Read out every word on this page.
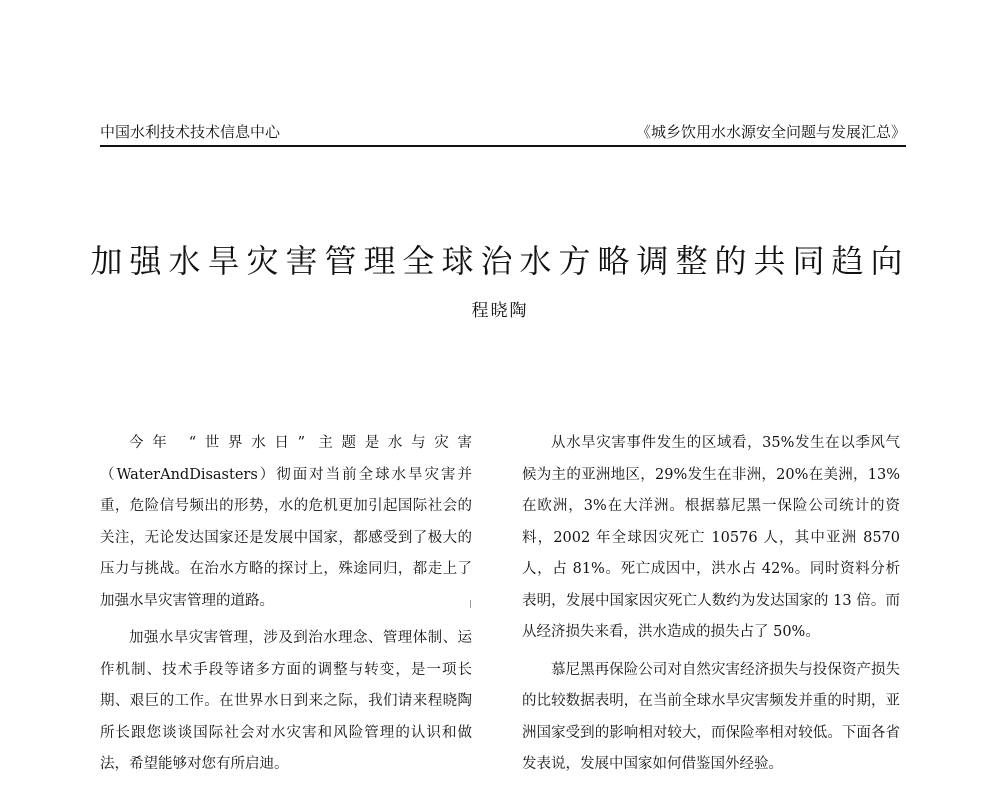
中国水利技术技术信息中心	《城乡饮用水水源安全问题与发展汇总》
加强水旱灾害管理全球治水方略调整的共同趋向
程晓陶

今年 “世界水日” 主题是水与灾害（WaterAndDisasters）彻面对当前全球水旱灾害并重，危险信号频出的形势，水的危机更加引起国际社会的关注，无论发达国家还是发展中国家，都感受到了极大的压力与挑战。在治水方略的探讨上，殊途同归，都走上了加强水旱灾害管理的道路。

加强水旱灾害管理，涉及到治水理念、管理体制、运作机制、技术手段等诸多方面的调整与转变，是一项长期、艰巨的工作。在世界水日到来之际，我们请来程晓陶所长跟您谈谈国际社会对水灾害和风险管理的认识和做法，希望能够对您有所启迪。

从水旱灾害事件发生的区域看，35%发生在以季风气候为主的亚洲地区，29%发生在非洲，20%在美洲，13%在欧洲，3%在大洋洲。根据慕尼黑一保险公司统计的资料，2002 年全球因灾死亡 10576 人，其中亚洲 8570 人，占 81%。死亡成因中，洪水占 42%。同时资料分析表明，发展中国家因灾死亡人数约为发达国家的 13 倍。而从经济损失来看，洪水造成的损失占了 50%。

慕尼黑再保险公司对自然灾害经济损失与投保资产损失的比较数据表明，在当前全球水旱灾害频发并重的时期，亚洲国家受到的影响相对较大，而保险率相对较低。下面各省发表说，发展中国家如何借鉴国外经验。
